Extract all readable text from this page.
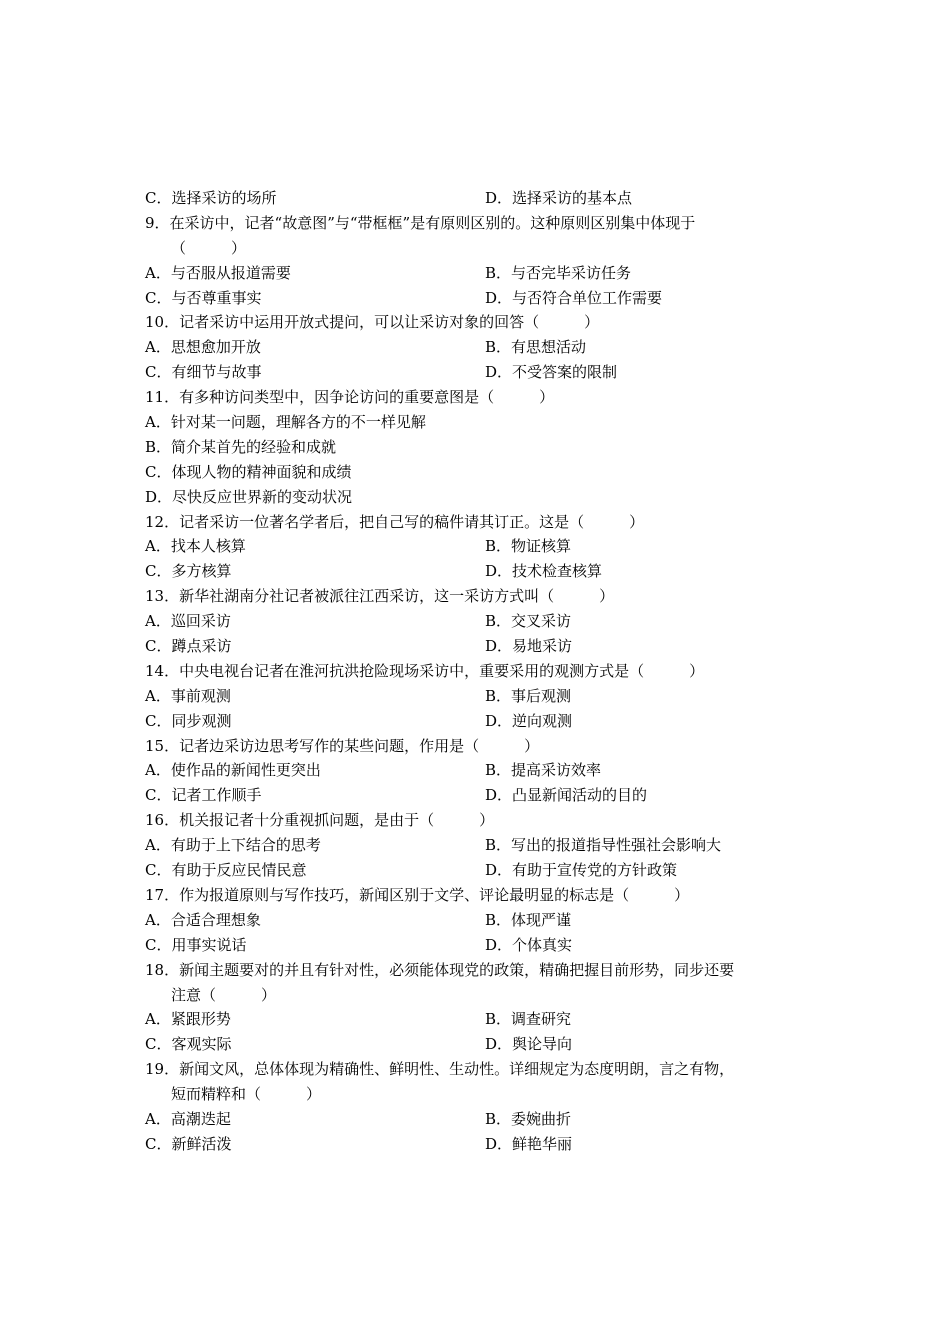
C．选择采访的场所	D．选择采访的基本点
9．在采访中，记者“故意图”与“带框框”是有原则区别的。这种原则区别集中体现于
（　　　）
A．与否服从报道需要	B．与否完毕采访任务
C．与否尊重事实	D．与否符合单位工作需要
10．记者采访中运用开放式提问，可以让采访对象的回答（　　　）
A．思想愈加开放	B．有思想活动
C．有细节与故事	D．不受答案的限制
11．有多种访问类型中，因争论访问的重要意图是（　　　）
A．针对某一问题，理解各方的不一样见解
B．简介某首先的经验和成就
C．体现人物的精神面貌和成绩
D．尽快反应世界新的变动状况
12．记者采访一位著名学者后，把自己写的稿件请其订正。这是（　　　）
A．找本人核算	B．物证核算
C．多方核算	D．技术检查核算
13．新华社湖南分社记者被派往江西采访，这一采访方式叫（　　　）
A．巡回采访	B．交叉采访
C．蹲点采访	D．易地采访
14．中央电视台记者在淮河抗洪抢险现场采访中，重要采用的观测方式是（　　　）
A．事前观测	B．事后观测
C．同步观测	D．逆向观测
15．记者边采访边思考写作的某些问题，作用是（　　　）
A．使作品的新闻性更突出	B．提高采访效率
C．记者工作顺手	D．凸显新闻活动的目的
16．机关报记者十分重视抓问题，是由于（　　　）
A．有助于上下结合的思考	B．写出的报道指导性强社会影响大
C．有助于反应民情民意	D．有助于宣传党的方针政策
17．作为报道原则与写作技巧，新闻区别于文学、评论最明显的标志是（　　　）
A．合适合理想象	B．体现严谨
C．用事实说话	D．个体真实
18．新闻主题要对的并且有针对性，必须能体现党的政策，精确把握目前形势，同步还要
注意（　　　）
A．紧跟形势	B．调查研究
C．客观实际	D．舆论导向
19．新闻文风，总体体现为精确性、鲜明性、生动性。详细规定为态度明朗，言之有物，
短而精粹和（　　　）
A．高潮迭起	B．委婉曲折
C．新鲜活泼	D．鲜艳华丽
